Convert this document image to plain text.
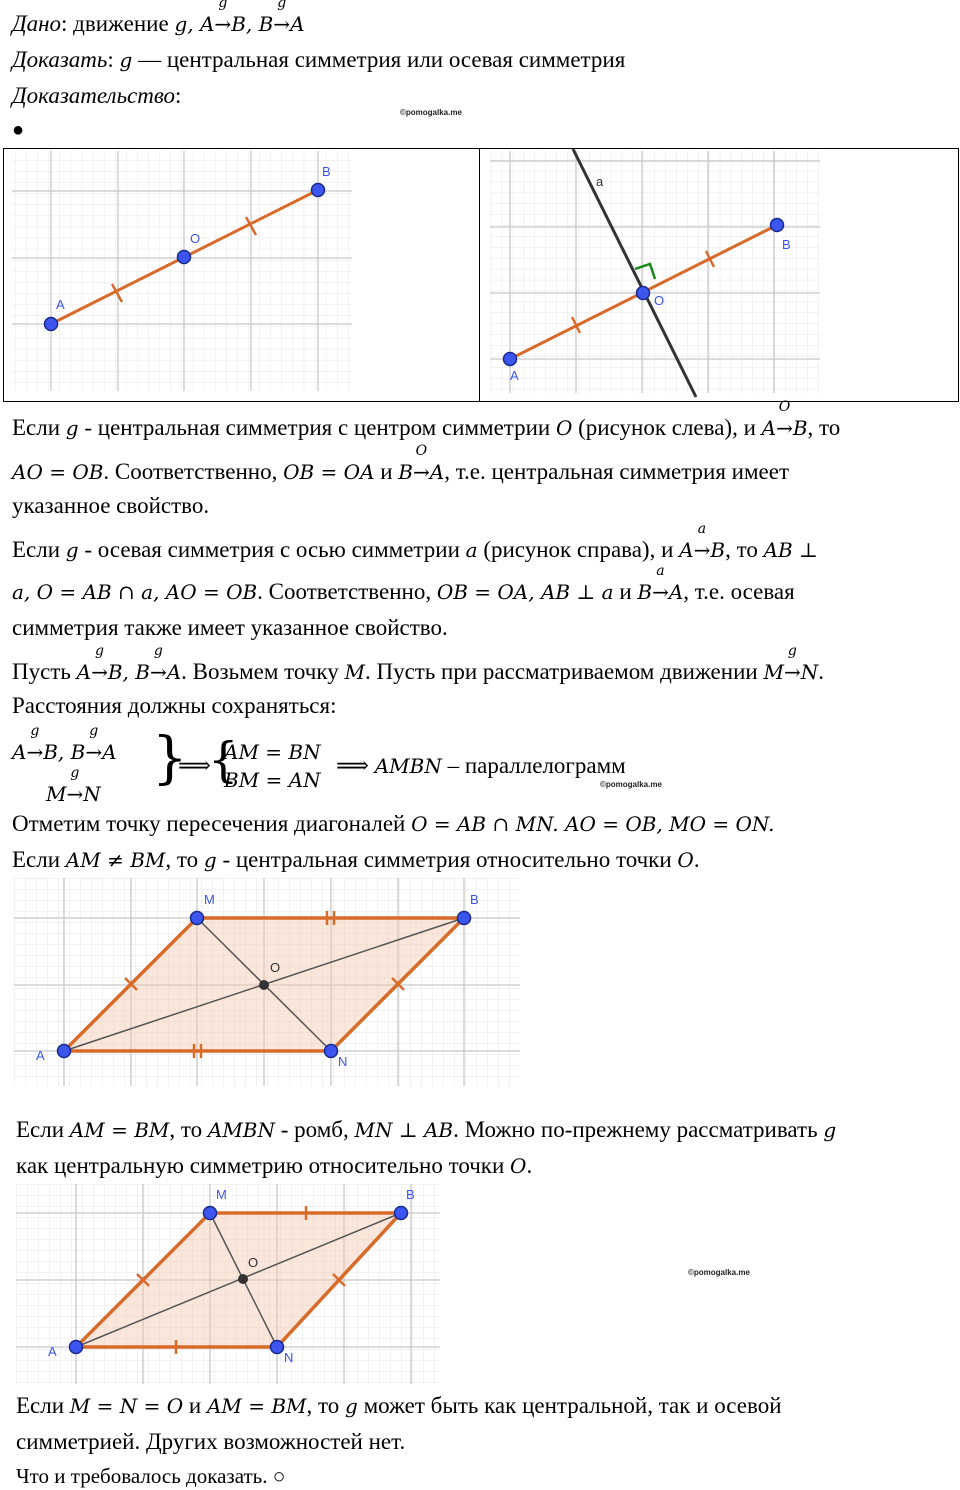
Дано: движение g, A
g
→B, B
g
→A
Доказать: g — центральная симметрия или осевая симметрия
Доказательство:
●
©pomogalka.me
A
O
B
A
O
B
a
Если g - центральная симметрия с центром симметрии O (рисунок слева), и A
O
→B, то
AO = OB. Соответственно, OB = OA и B
O
→A, т.е. центральная симметрия имеет
указанное свойство.
Если g - осевая симметрия с осью симметрии a (рисунок справа), и A
a
→B, то AB ⊥
a, O = AB ∩ a, AO = OB. Соответственно, OB = OA, AB ⊥ a и B
a
→A, т.е. осевая
симметрия также имеет указанное свойство.
Пусть A
g
→B, B
g
→A. Возьмем точку M. Пусть при рассматриваемом движении M
g
→N.
Расстояния должны сохраняться:
A
g
→B, B
g
→A
M
g
→N
}
⟹
{
AM = BN
BM = AN
⟹ AMBN – параллелограмм
©pomogalka.me
Отметим точку пересечения диагоналей O = AB ∩ MN. AO = OB, MO = ON.
Если AM ≠ BM, то g - центральная симметрия относительно точки O.
A
M	B
N
O
Если AM = BM, то AMBN - ромб, MN ⊥ AB. Можно по-прежнему рассматривать g
как центральную симметрию относительно точки O.
A
M	B
N
O
©pomogalka.me
Если M = N = O и AM = BM, то g может быть как центральной, так и осевой
симметрией. Других возможностей нет.
Что и требовалось доказать. ○
